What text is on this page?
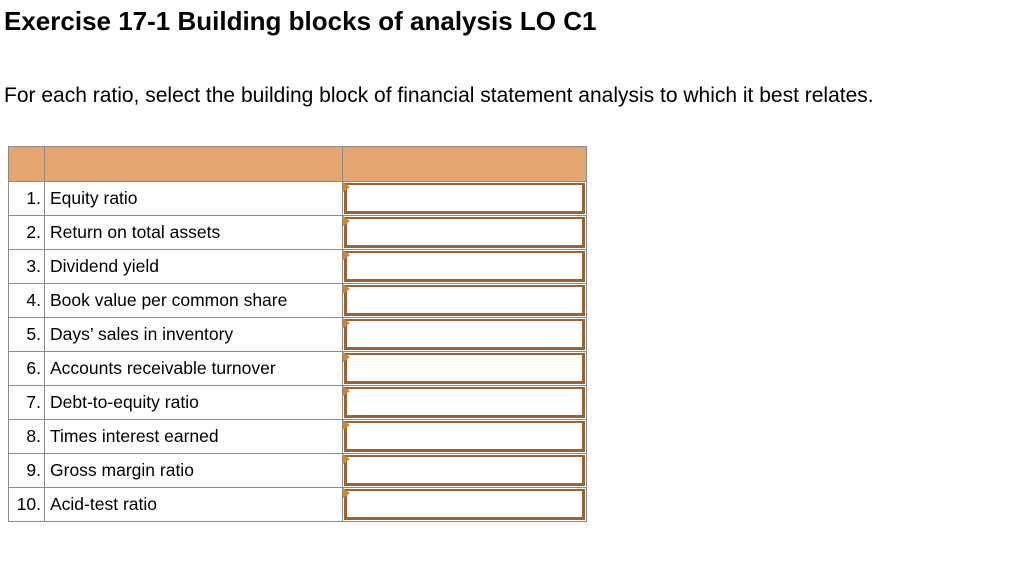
Exercise 17-1 Building blocks of analysis LO C1
For each ratio, select the building block of financial statement analysis to which it best relates.

1.	Equity ratio	

2.	Return on total assets	

3.	Dividend yield	

4.	Book value per common share	

5.	Days’ sales in inventory	

6.	Accounts receivable turnover	

7.	Debt-to-equity ratio	

8.	Times interest earned	

9.	Gross margin ratio	

10.	Acid-test ratio	
